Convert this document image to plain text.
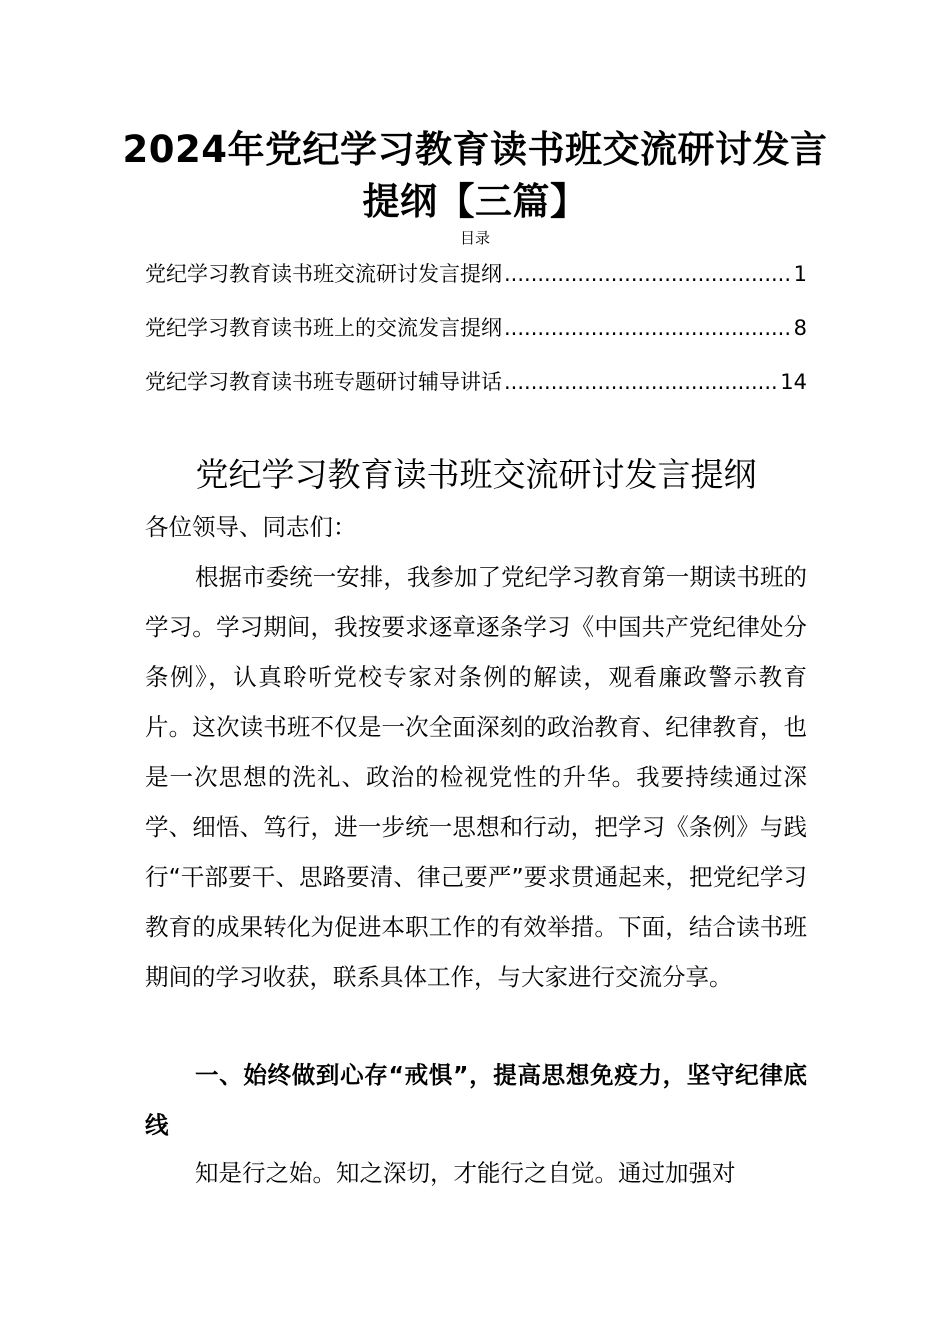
2024年党纪学习教育读书班交流研讨发言提纲【三篇】
目录
党纪学习教育读书班交流研讨发言提纲 .....	1
党纪学习教育读书班上的交流发言提纲 .....	8
党纪学习教育读书班专题研讨辅导讲话 .....	14
党纪学习教育读书班交流研讨发言提纲

各位领导、同志们：

根据市委统一安排，我参加了党纪学习教育第一期读书班的学习。学习期间，我按要求逐章逐条学习《中国共产党纪律处分条例》，认真聆听党校专家对条例的解读，观看廉政警示教育片。这次读书班不仅是一次全面深刻的政治教育、纪律教育，也是一次思想的洗礼、政治的检视党性的升华。我要持续通过深学、细悟、笃行，进一步统一思想和行动，把学习《条例》与践行“干部要干、思路要清、律己要严”要求贯通起来，把党纪学习教育的成果转化为促进本职工作的有效举措。下面，结合读书班期间的学习收获，联系具体工作，与大家进行交流分享。

一、始终做到心存“戒惧”，提高思想免疫力，坚守纪律底线

知是行之始。知之深切，才能行之自觉。通过加强对
